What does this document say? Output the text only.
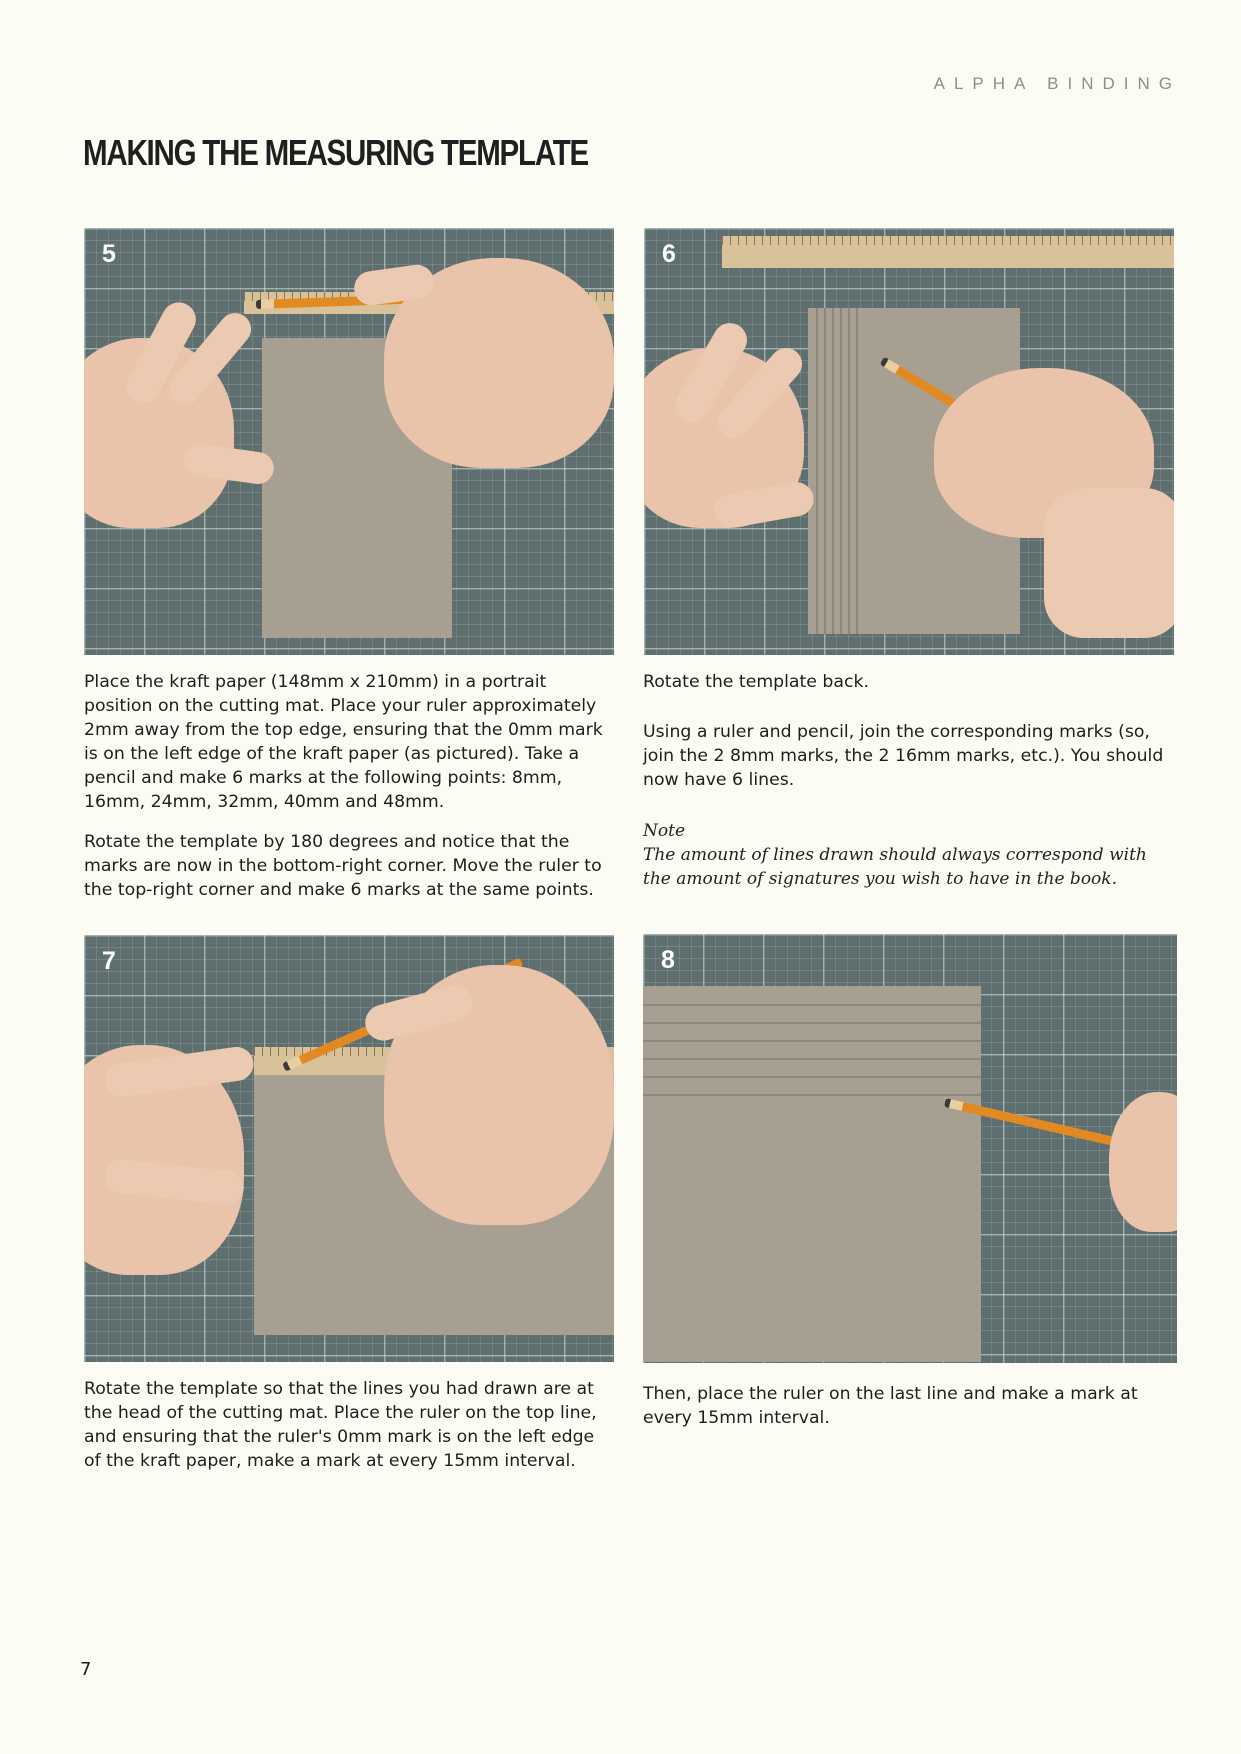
ALPHA BINDING
MAKING THE MEASURING TEMPLATE
5	6
7	8

Place the kraft paper (148mm x 210mm) in a portrait position on the cutting mat. Place your ruler approximately 2mm away from the top edge, ensuring that the 0mm mark is on the left edge of the kraft paper (as pictured). Take a pencil and make 6 marks at the following points: 8mm, 16mm, 24mm, 32mm, 40mm and 48mm.

Rotate the template by 180 degrees and notice that the marks are now in the bottom-right corner. Move the ruler to the top-right corner and make 6 marks at the same points.

Rotate the template back.

Using a ruler and pencil, join the corresponding marks (so, join the 2 8mm marks, the 2 16mm marks, etc.). You should now have 6 lines.

Note

The amount of lines drawn should always correspond with the amount of signatures you wish to have in the book.

Rotate the template so that the lines you had drawn are at the head of the cutting mat. Place the ruler on the top line, and ensuring that the ruler's 0mm mark is on the left edge of the kraft paper, make a mark at every 15mm interval.

Then, place the ruler on the last line and make a mark at every 15mm interval.

7
